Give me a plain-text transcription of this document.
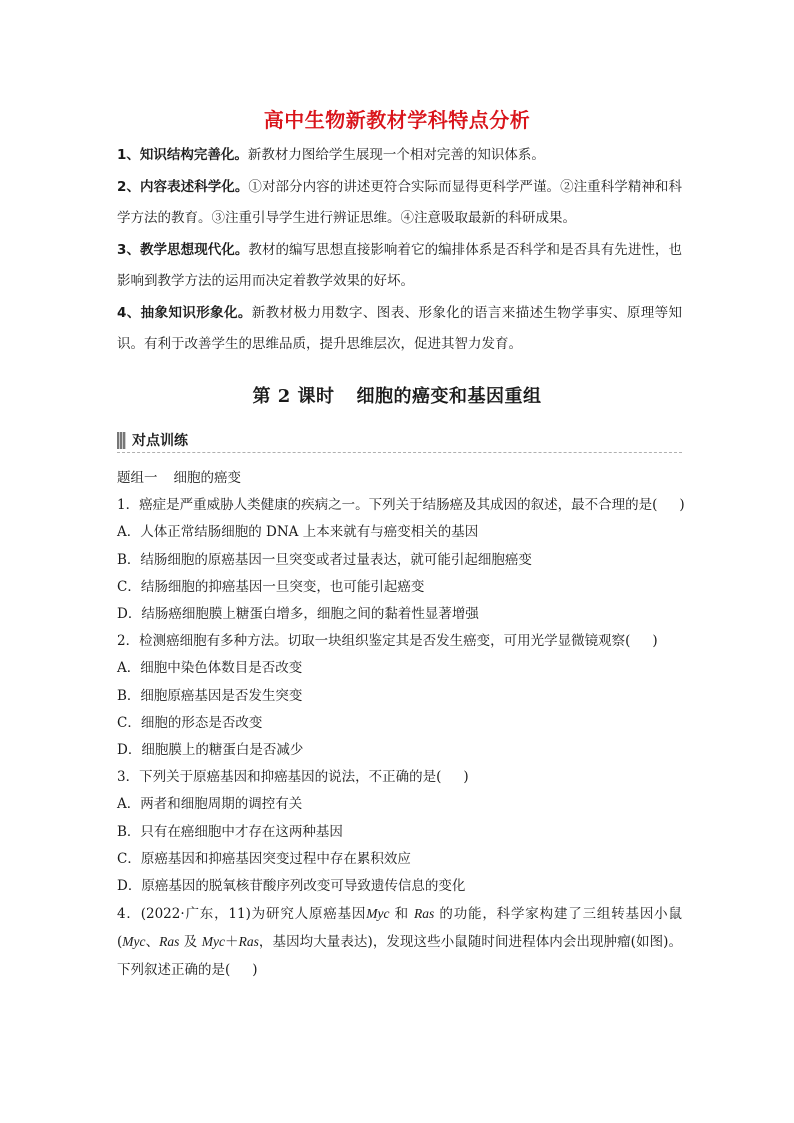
高中生物新教材学科特点分析

1、知识结构完善化。新教材力图给学生展现一个相对完善的知识体系。

2、内容表述科学化。①对部分内容的讲述更符合实际而显得更科学严谨。②注重科学精神和科学方法的教育。③注重引导学生进行辨证思维。④注意吸取最新的科研成果。

3、教学思想现代化。教材的编写思想直接影响着它的编排体系是否科学和是否具有先进性，也影响到教学方法的运用而决定着教学效果的好坏。

4、抽象知识形象化。新教材极力用数字、图表、形象化的语言来描述生物学事实、原理等知识。有利于改善学生的思维品质，提升思维层次，促进其智力发育。

第 2 课时 细胞的癌变和基因重组
对点训练
题组一 细胞的癌变
1．癌症是严重威胁人类健康的疾病之一。下列关于结肠癌及其成因的叙述，最不合理的是( )
A．人体正常结肠细胞的 DNA 上本来就有与癌变相关的基因
B．结肠细胞的原癌基因一旦突变或者过量表达，就可能引起细胞癌变
C．结肠细胞的抑癌基因一旦突变，也可能引起癌变
D．结肠癌细胞膜上糖蛋白增多，细胞之间的黏着性显著增强
2．检测癌细胞有多种方法。切取一块组织鉴定其是否发生癌变，可用光学显微镜观察( )
A．细胞中染色体数目是否改变
B．细胞原癌基因是否发生突变
C．细胞的形态是否改变
D．细胞膜上的糖蛋白是否减少
3．下列关于原癌基因和抑癌基因的说法，不正确的是( )
A．两者和细胞周期的调控有关
B．只有在癌细胞中才存在这两种基因
C．原癌基因和抑癌基因突变过程中存在累积效应
D．原癌基因的脱氧核苷酸序列改变可导致遗传信息的变化
4．(2022·广东，11)为研究人原癌基因Myc 和 Ras 的功能，科学家构建了三组转基因小鼠(Myc、Ras 及 Myc＋Ras，基因均大量表达)，发现这些小鼠随时间进程体内会出现肿瘤(如图)。下列叙述正确的是( )
